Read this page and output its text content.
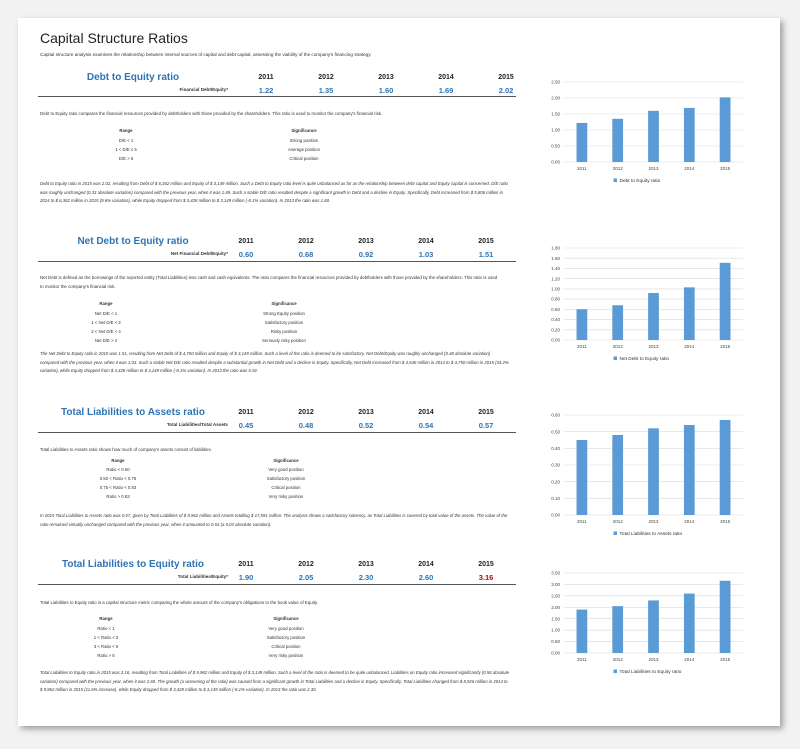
Capital Structure Ratios
Capital structure analysis examines the relationship between internal sources of capital and debt capital, assessing the viability of the company's financing strategy.
Debt to Equity ratio	2011	2012	2013	2014	2015
Financial Debt/Equity*	1.22	1.35	1.60	1.69	2.02
Debt to Equity ratio compares the financial resources provided by debtholders with those provided by the shareholders. This ratio is used to monitor the company's financial risk.
Range	Significance
D/E < 1	Strong position
1 < D/E ≤ 5	Average position
D/E > 5	Critical position
Debt to Equity ratio in 2015 was 2.02, resulting from Debt of $ 6,362 million and Equity of $ 3,149 million. Such a Debt to Equity ratio level is quite unbalanced as far as the relationship between debt capital and Equity capital is concerned. D/E ratio was roughly unchanged (0.33 absolute variation) compared with the previous year, when it was 1.69. Such a stable D/E ratio resulted despite a significant growth in Debt and a decline in Equity. Specifically, Debt increased from $ 5,806 million in 2014 to $ 6,362 million in 2015 (9.6% variation), while Equity dropped from $ 3,428 million to $ 3,149 million (-8.1% variation). In 2013 the ratio was 1.60.
Net Debt to Equity ratio	2011	2012	2013	2014	2015
Net Financial Debt/Equity*	0.60	0.68	0.92	1.03	1.51
Net Debt is defined as the borrowings of the reported entity (Total Liabilities) less cash and cash equivalents. The ratio compares the financial resources provided by debtholders with those provided by the shareholders. This ratio is used to monitor the company's financial risk.
Range	Significance
Net D/E < 1	Strong Equity position
1 < Net D/E < 2	Satisfactory position
2 < Net D/E < 4	Risky position
Net D/E > 4	Seriously risky position
The Net Debt to Equity ratio in 2015 was 1.51, resulting from Net Debt of $ 4,750 million and Equity of $ 3,149 million. Such a level of the ratio is deemed to be satisfactory. Net Debt/Equity was roughly unchanged (0.48 absolute variation) compared with the previous year, when it was 1.03. Such a stable Net D/E ratio resulted despite a substantial growth in Net Debt and a decline in Equity. Specifically, Net Debt increased from $ 3,540 million in 2014 to $ 4,750 million in 2015 (34.2% variation), while Equity dropped from $ 3,428 million to $ 3,149 million (-8.1% variation). In 2013 the ratio was 0.92.
Total Liabilities to Assets ratio	2011	2012	2013	2014	2015
Total Liabilities/Total Assets	0.45	0.48	0.52	0.54	0.57
Total Liabilities to Assets ratio shows how much of company's assets consist of liabilities.
Range	Significance
Ratio < 0.50	Very good position
0.50 < Ratio < 0.75	Satisfactory position
0.75 < Ratio < 0.83	Critical position
Ratio > 0.83	Very risky position
In 2015 Total Liabilities to Assets ratio was 0.57, given by Total Liabilities of $ 9,962 million and Assets totalling $ 17,591 million. The analysis shows a satisfactory solvency, as Total Liabilities is covered by total value of the assets. The value of the ratio remained virtually unchanged compared with the previous year, when it amounted to 0.54 (a 0.03 absolute variation).
Total Liabilities to Equity ratio	2011	2012	2013	2014	2015
Total Liabilities/Equity*	1.90	2.05	2.30	2.60	3.16
Total Liabilities to Equity ratio is a capital structure metric comparing the whole amount of the company's obligations to the book value of Equity.
Range	Significance
Ratio < 1	Very good position
1 < Ratio < 3	Satisfactory position
3 < Ratio < 5	Critical position
Ratio > 5	Very risky position
Total Liabilities to Equity ratio in 2015 was 3.16, resulting from Total Liabilities of $ 9,962 million and Equity of $ 3,149 million. Such a level of the ratio is deemed to be quite unbalanced. Liabilities on Equity ratio increased significantly (0.56 absolute variation) compared with the previous year, when it was 2.60. The growth (a worsening of the ratio) was caused from a significant growth in Total Liabilities and a decline in Equity. Specifically, Total Liabilities changed from $ 8,926 million in 2014 to $ 9,962 million in 2015 (11.6% increase), while Equity dropped from $ 3,428 million to $ 3,149 million (-8.1% variation). In 2013 the ratio was 2.30.
0.00
0.50
1.00
1.50
2.00
2.50
2011	2012	2013	2014	2015
Debt to Equity ratio
0.00
0.20
0.40
0.60
0.80
1.00
1.20
1.40
1.60
1.80
2011	2012	2013	2014	2015
Net Debt to Equity ratio
0.00
0.10
0.20
0.30
0.40
0.50
0.60
2011	2012	2013	2014	2015
Total Liabilities to Assets ratio
0.00
0.50
1.00
1.50
2.00
2.50
3.00
3.50
2011	2012	2013	2014	2015
Total Liabilities to Equity ratio
